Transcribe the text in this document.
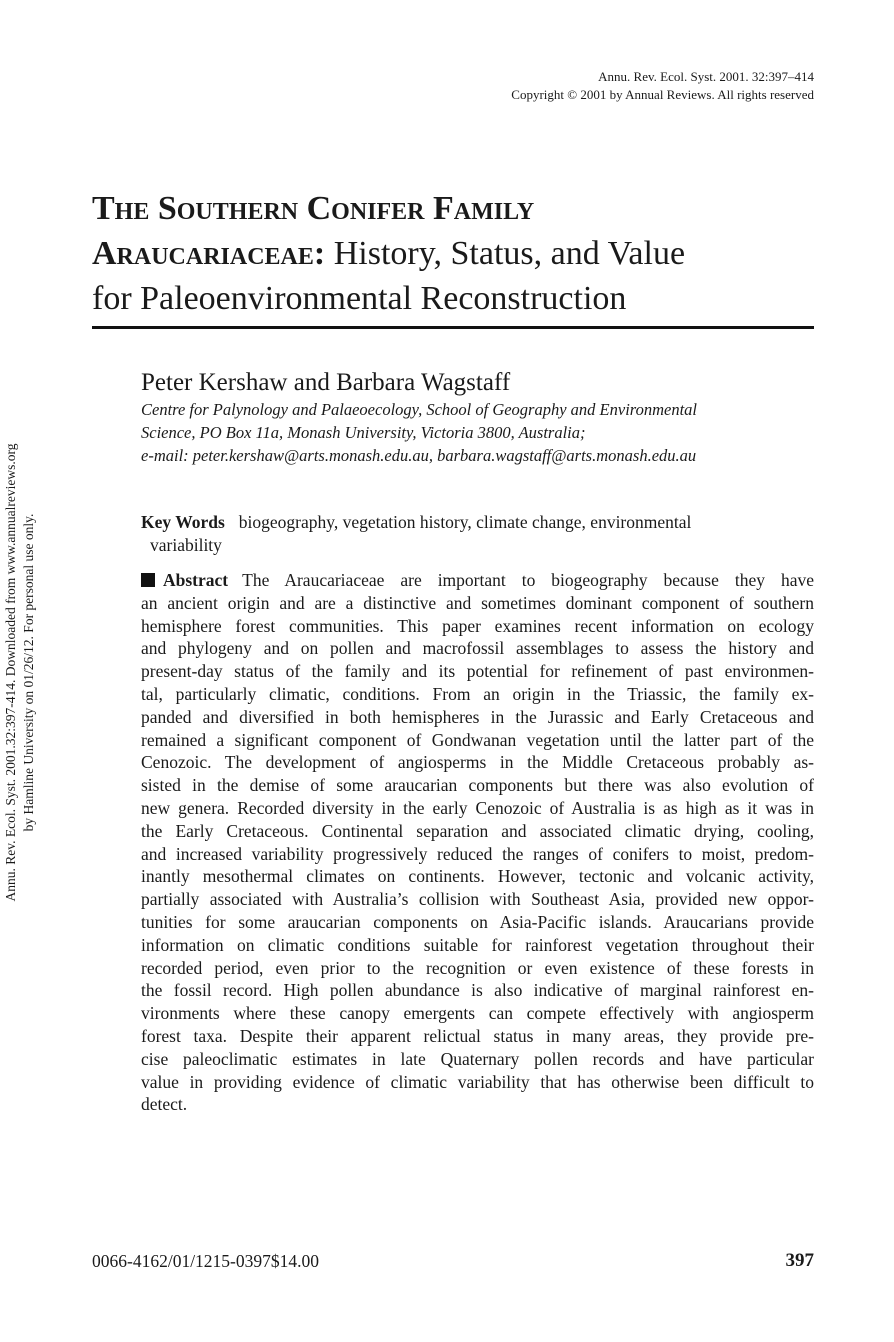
Annu. Rev. Ecol. Syst. 2001. 32:397–414
Copyright © 2001 by Annual Reviews. All rights reserved
Annu. Rev. Ecol. Syst. 2001.32:397-414. Downloaded from www.annualreviews.org by Hamline University on 01/26/12. For personal use only.
The Southern Conifer Family
Araucariaceae: History, Status, and Value
for Paleoenvironmental Reconstruction
Peter Kershaw and Barbara Wagstaff
Centre for Palynology and Palaeoecology, School of Geography and Environmental
Science, PO Box 11a, Monash University, Victoria 3800, Australia;
e-mail: peter.kershaw@arts.monash.edu.au, barbara.wagstaff@arts.monash.edu.au
Key Words biogeography, vegetation history, climate change, environmental
variability
Abstract The Araucariaceae are important to biogeography because they have
an ancient origin and are a distinctive and sometimes dominant component of southern
hemisphere forest communities. This paper examines recent information on ecology
and phylogeny and on pollen and macrofossil assemblages to assess the history and
present-day status of the family and its potential for refinement of past environmen-
tal, particularly climatic, conditions. From an origin in the Triassic, the family ex-
panded and diversified in both hemispheres in the Jurassic and Early Cretaceous and
remained a significant component of Gondwanan vegetation until the latter part of the
Cenozoic. The development of angiosperms in the Middle Cretaceous probably as-
sisted in the demise of some araucarian components but there was also evolution of
new genera. Recorded diversity in the early Cenozoic of Australia is as high as it was in
the Early Cretaceous. Continental separation and associated climatic drying, cooling,
and increased variability progressively reduced the ranges of conifers to moist, predom-
inantly mesothermal climates on continents. However, tectonic and volcanic activity,
partially associated with Australia’s collision with Southeast Asia, provided new oppor-
tunities for some araucarian components on Asia-Pacific islands. Araucarians provide
information on climatic conditions suitable for rainforest vegetation throughout their
recorded period, even prior to the recognition or even existence of these forests in
the fossil record. High pollen abundance is also indicative of marginal rainforest en-
vironments where these canopy emergents can compete effectively with angiosperm
forest taxa. Despite their apparent relictual status in many areas, they provide pre-
cise paleoclimatic estimates in late Quaternary pollen records and have particular
value in providing evidence of climatic variability that has otherwise been difficult to
detect.
0066-4162/01/1215-0397$14.00	397
